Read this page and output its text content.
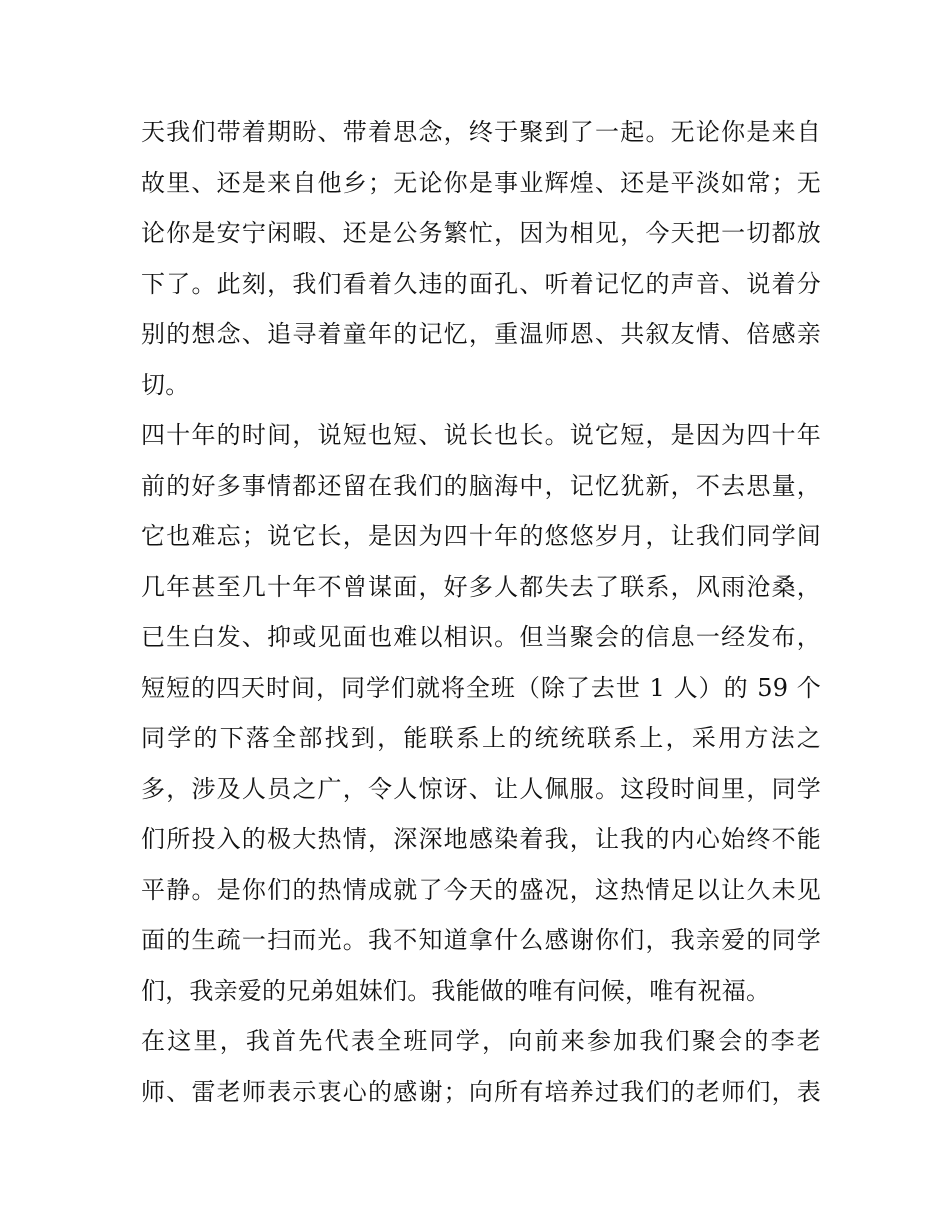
天我们带着期盼、带着思念，终于聚到了一起。无论你是来自
故里、还是来自他乡；无论你是事业辉煌、还是平淡如常；无
论你是安宁闲暇、还是公务繁忙，因为相见，今天把一切都放
下了。此刻，我们看着久违的面孔、听着记忆的声音、说着分
别的想念、追寻着童年的记忆，重温师恩、共叙友情、倍感亲
切。
四十年的时间，说短也短、说长也长。说它短，是因为四十年
前的好多事情都还留在我们的脑海中，记忆犹新，不去思量，
它也难忘；说它长，是因为四十年的悠悠岁月，让我们同学间
几年甚至几十年不曾谋面，好多人都失去了联系，风雨沧桑，
已生白发、抑或见面也难以相识。但当聚会的信息一经发布，
短短的四天时间，同学们就将全班（除了去世 1 人）的 59 个
同学的下落全部找到，能联系上的统统联系上，采用方法之
多，涉及人员之广，令人惊讶、让人佩服。这段时间里，同学
们所投入的极大热情，深深地感染着我，让我的内心始终不能
平静。是你们的热情成就了今天的盛况，这热情足以让久未见
面的生疏一扫而光。我不知道拿什么感谢你们，我亲爱的同学
们，我亲爱的兄弟姐妹们。我能做的唯有问候，唯有祝福。
在这里，我首先代表全班同学，向前来参加我们聚会的李老
师、雷老师表示衷心的感谢；向所有培养过我们的老师们，表
